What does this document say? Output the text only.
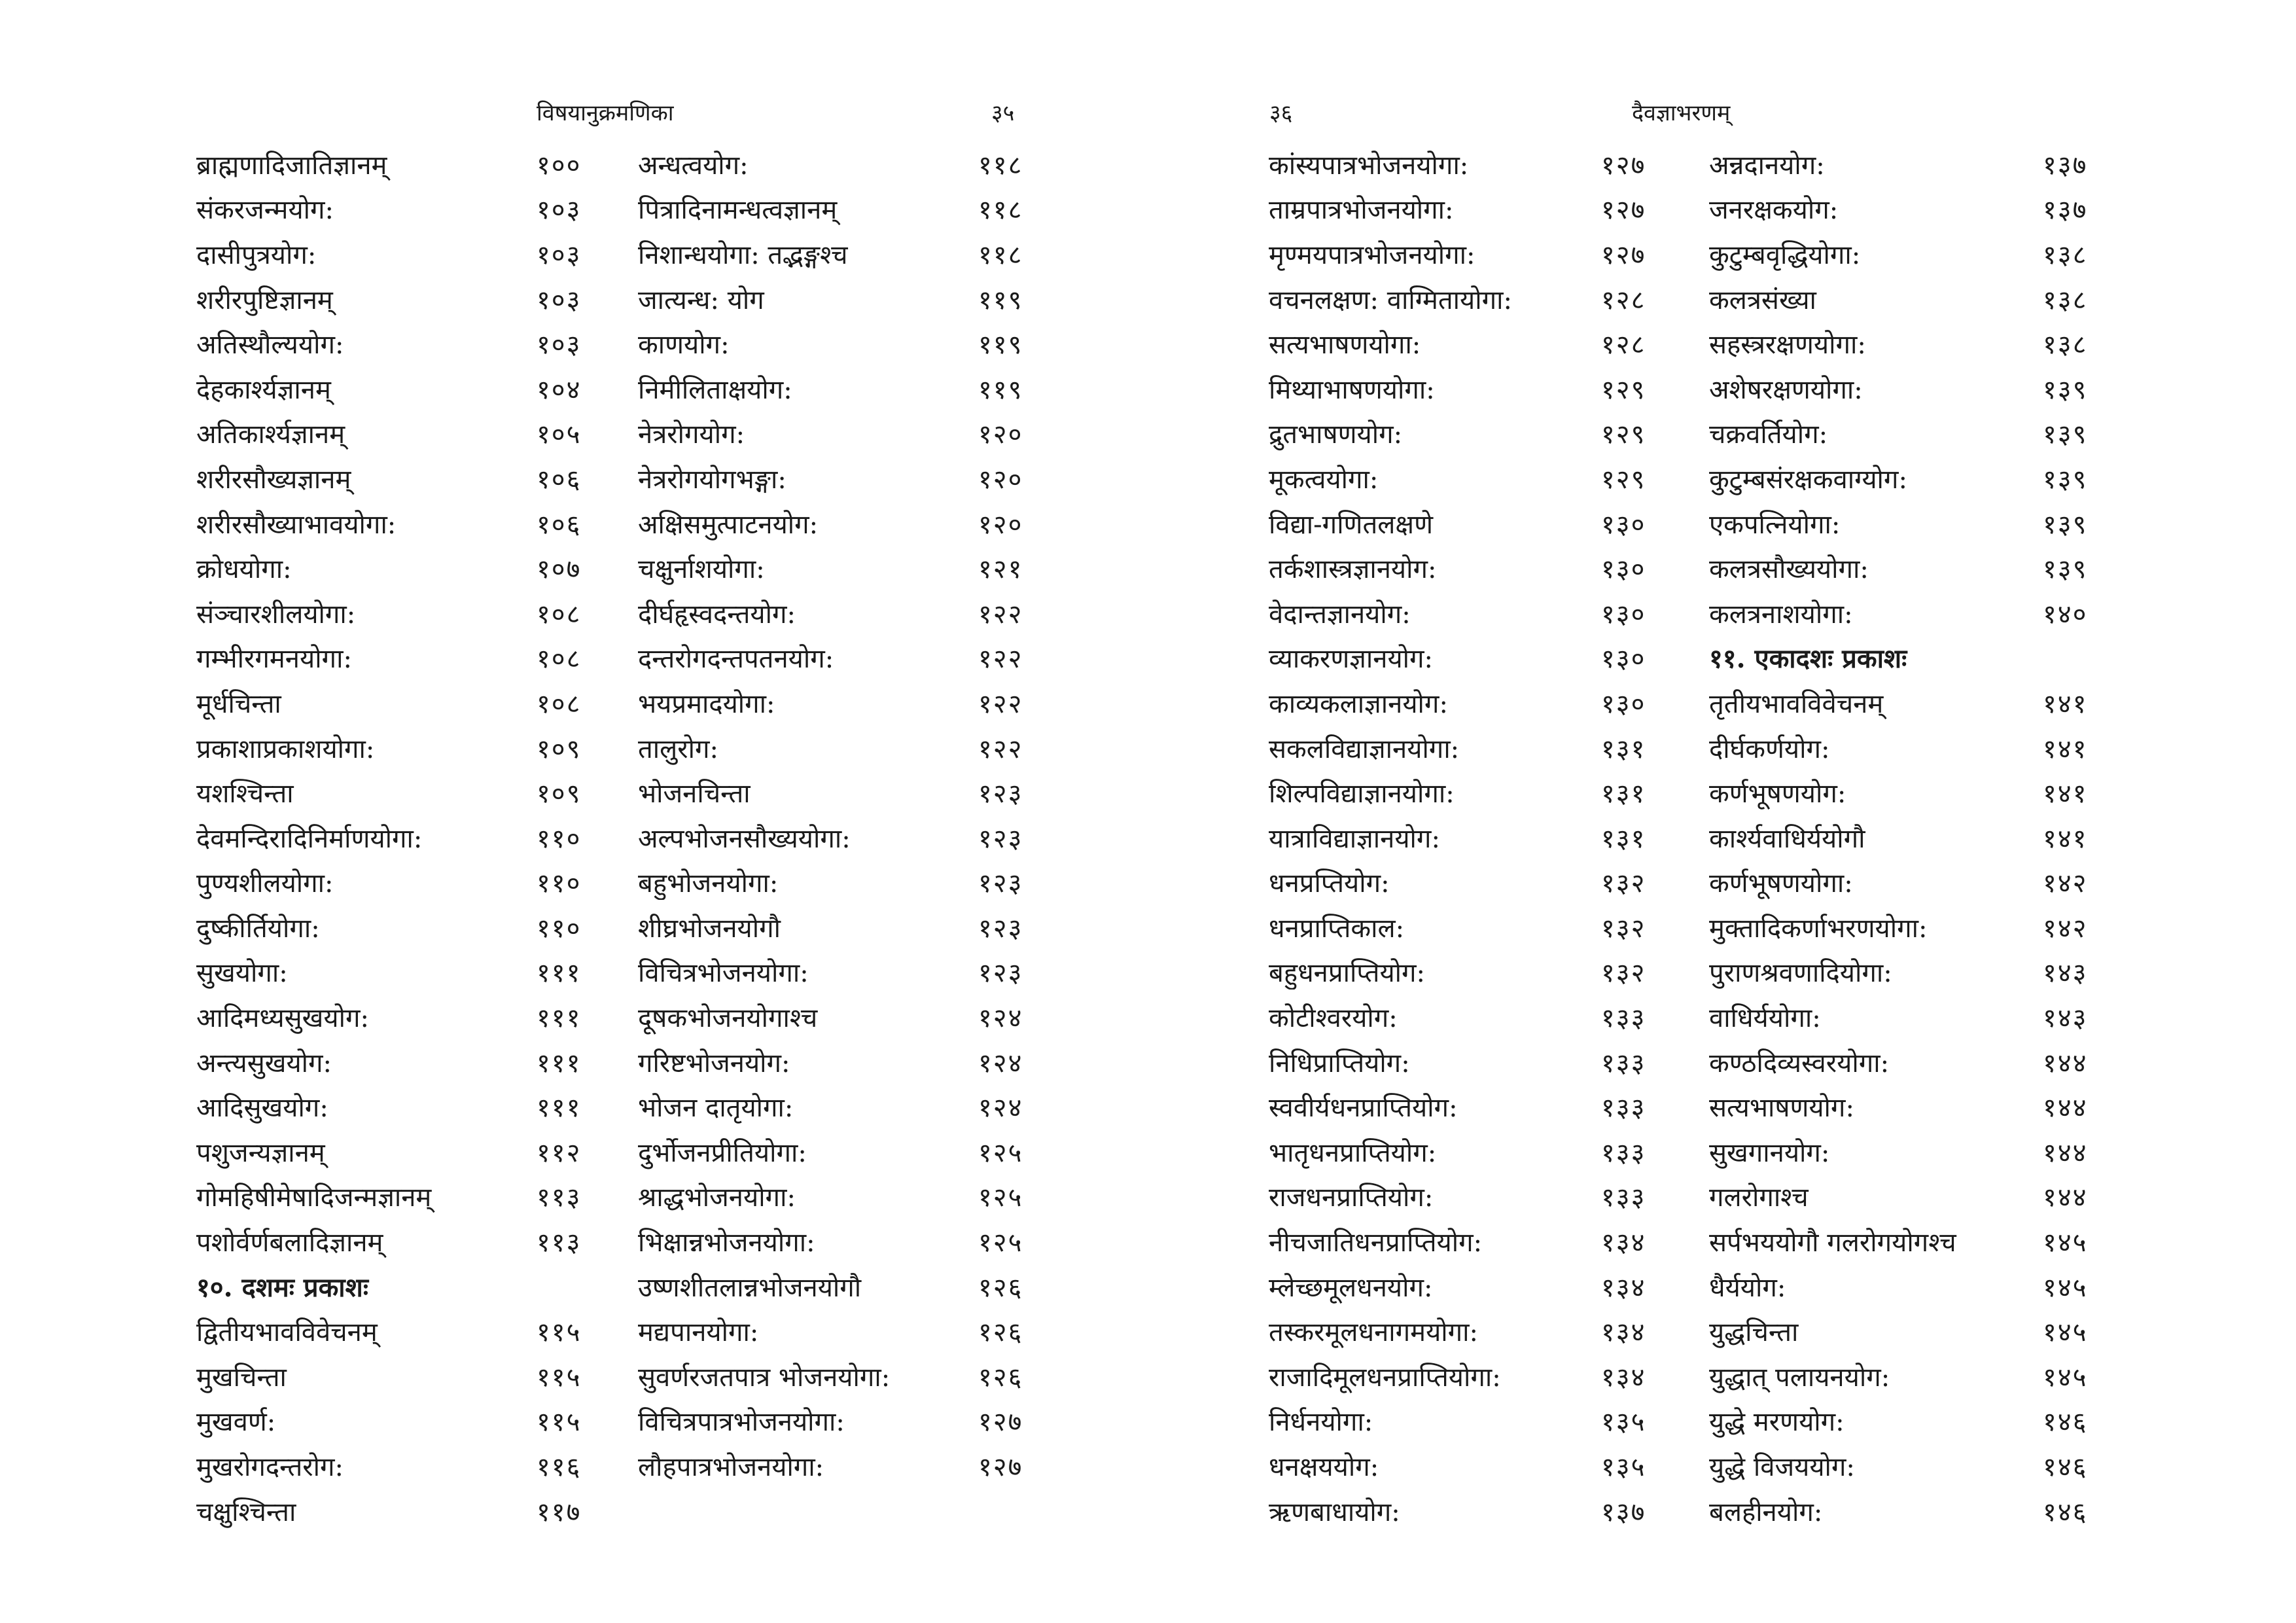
विषयानुक्रमणिका	३५
ब्राह्मणादिजातिज्ञानम्	१००
संकरजन्मयोग:	१०३
दासीपुत्रयोग:	१०३
शरीरपुष्टिज्ञानम्	१०३
अतिस्थौल्ययोग:	१०३
देहकार्श्यज्ञानम्	१०४
अतिकार्श्यज्ञानम्	१०५
शरीरसौख्यज्ञानम्	१०६
शरीरसौख्याभावयोगा:	१०६
क्रोधयोगा:	१०७
संञ्चारशीलयोगा:	१०८
गम्भीरगमनयोगा:	१०८
मूर्धचिन्ता	१०८
प्रकाशाप्रकाशयोगा:	१०९
यशश्चिन्ता	१०९
देवमन्दिरादिनिर्माणयोगा:	११०
पुण्यशीलयोगा:	११०
दुष्कीर्तियोगा:	११०
सुखयोगा:	१११
आदिमध्यसुखयोग:	१११
अन्त्यसुखयोग:	१११
आदिसुखयोग:	१११
पशुजन्यज्ञानम्	११२
गोमहिषीमेषादिजन्मज्ञानम्	११३
पशोर्वर्णबलादिज्ञानम्	११३
१०. दशमः प्रकाशः
द्वितीयभावविवेचनम्	११५
मुखचिन्ता	११५
मुखवर्ण:	११५
मुखरोगदन्तरोग:	११६
चक्षुश्चिन्ता	११७
अन्धत्वयोग:	११८
पित्रादिनामन्धत्वज्ञानम्	११८
निशान्धयोगा: तद्भङ्गश्च	११८
जात्यन्ध: योग	११९
काणयोग:	११९
निमीलिताक्षयोग:	११९
नेत्ररोगयोग:	१२०
नेत्ररोगयोगभङ्गा:	१२०
अक्षिसमुत्पाटनयोग:	१२०
चक्षुर्नाशयोगा:	१२१
दीर्घहृस्वदन्तयोग:	१२२
दन्तरोगदन्तपतनयोग:	१२२
भयप्रमादयोगा:	१२२
तालुरोग:	१२२
भोजनचिन्ता	१२३
अल्पभोजनसौख्ययोगा:	१२३
बहुभोजनयोगा:	१२३
शीघ्रभोजनयोगौ	१२३
विचित्रभोजनयोगा:	१२३
दूषकभोजनयोगाश्च	१२४
गरिष्टभोजनयोग:	१२४
भोजन दातृयोगा:	१२४
दुर्भोजनप्रीतियोगा:	१२५
श्राद्धभोजनयोगा:	१२५
भिक्षान्नभोजनयोगा:	१२५
उष्णशीतलान्नभोजनयोगौ	१२६
मद्यपानयोगा:	१२६
सुवर्णरजतपात्र भोजनयोगा:	१२६
विचित्रपात्रभोजनयोगा:	१२७
लौहपात्रभोजनयोगा:	१२७
३६	दैवज्ञाभरणम्
कांस्यपात्रभोजनयोगा:	१२७
ताम्रपात्रभोजनयोगा:	१२७
मृण्मयपात्रभोजनयोगा:	१२७
वचनलक्षण: वाग्मितायोगा:	१२८
सत्यभाषणयोगा:	१२८
मिथ्याभाषणयोगा:	१२९
द्रुतभाषणयोग:	१२९
मूकत्वयोगा:	१२९
विद्या-गणितलक्षणे	१३०
तर्कशास्त्रज्ञानयोग:	१३०
वेदान्तज्ञानयोग:	१३०
व्याकरणज्ञानयोग:	१३०
काव्यकलाज्ञानयोग:	१३०
सकलविद्याज्ञानयोगा:	१३१
शिल्पविद्याज्ञानयोगा:	१३१
यात्राविद्याज्ञानयोग:	१३१
धनप्रप्तियोग:	१३२
धनप्राप्तिकाल:	१३२
बहुधनप्राप्तियोग:	१३२
कोटीश्वरयोग:	१३३
निधिप्राप्तियोग:	१३३
स्ववीर्यधनप्राप्तियोग:	१३३
भातृधनप्राप्तियोग:	१३३
राजधनप्राप्तियोग:	१३३
नीचजातिधनप्राप्तियोग:	१३४
म्लेच्छमूलधनयोग:	१३४
तस्करमूलधनागमयोगा:	१३४
राजादिमूलधनप्राप्तियोगा:	१३४
निर्धनयोगा:	१३५
धनक्षययोग:	१३५
ऋणबाधायोग:	१३७
अन्नदानयोग:	१३७
जनरक्षकयोग:	१३७
कुटुम्बवृद्धियोगा:	१३८
कलत्रसंख्या	१३८
सहस्त्ररक्षणयोगा:	१३८
अशेषरक्षणयोगा:	१३९
चक्रवर्तियोग:	१३९
कुटुम्बसंरक्षकवाग्योग:	१३९
एकपत्नियोगा:	१३९
कलत्रसौख्ययोगा:	१३९
कलत्रनाशयोगा:	१४०
११. एकादशः प्रकाशः
तृतीयभावविवेचनम्	१४१
दीर्घकर्णयोग:	१४१
कर्णभूषणयोग:	१४१
कार्श्यवाधिर्ययोगौ	१४१
कर्णभूषणयोगा:	१४२
मुक्तादिकर्णाभरणयोगा:	१४२
पुराणश्रवणादियोगा:	१४३
वाधिर्ययोगा:	१४३
कण्ठदिव्यस्वरयोगा:	१४४
सत्यभाषणयोग:	१४४
सुखगानयोग:	१४४
गलरोगाश्च	१४४
सर्पभययोगौ गलरोगयोगश्च	१४५
धैर्ययोग:	१४५
युद्धचिन्ता	१४५
युद्धात् पलायनयोग:	१४५
युद्धे मरणयोग:	१४६
युद्धे विजययोग:	१४६
बलहीनयोग:	१४६
